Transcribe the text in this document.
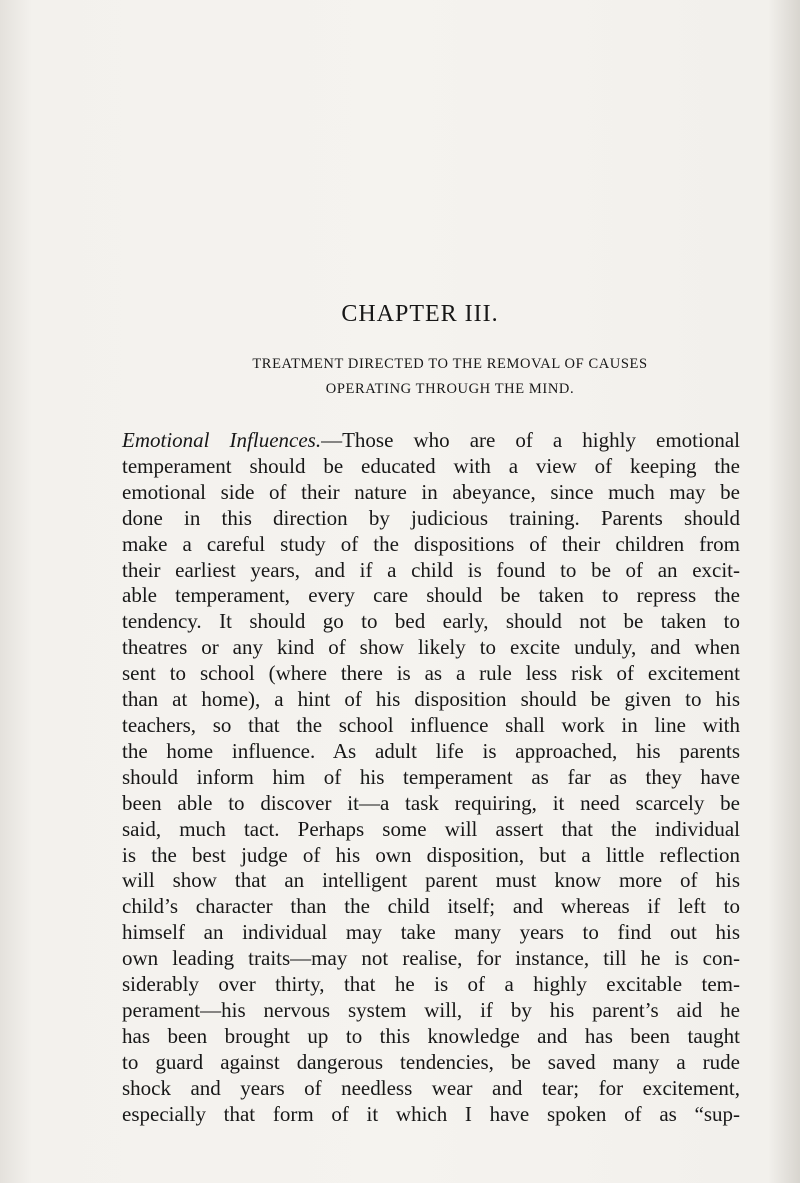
CHAPTER III.
TREATMENT DIRECTED TO THE REMOVAL OF CAUSES
OPERATING THROUGH THE MIND.
Emotional Influences.—Those who are of a highly emotional
temperament should be educated with a view of keeping the
emotional side of their nature in abeyance, since much may be
done in this direction by judicious training. Parents should
make a careful study of the dispositions of their children from
their earliest years, and if a child is found to be of an excit-
able temperament, every care should be taken to repress the
tendency. It should go to bed early, should not be taken to
theatres or any kind of show likely to excite unduly, and when
sent to school (where there is as a rule less risk of excitement
than at home), a hint of his disposition should be given to his
teachers, so that the school influence shall work in line with
the home influence. As adult life is approached, his parents
should inform him of his temperament as far as they have
been able to discover it—a task requiring, it need scarcely be
said, much tact. Perhaps some will assert that the individual
is the best judge of his own disposition, but a little reflection
will show that an intelligent parent must know more of his
child’s character than the child itself; and whereas if left to
himself an individual may take many years to find out his
own leading traits—may not realise, for instance, till he is con-
siderably over thirty, that he is of a highly excitable tem-
perament—his nervous system will, if by his parent’s aid he
has been brought up to this knowledge and has been taught
to guard against dangerous tendencies, be saved many a rude
shock and years of needless wear and tear; for excitement,
especially that form of it which I have spoken of as “sup-
